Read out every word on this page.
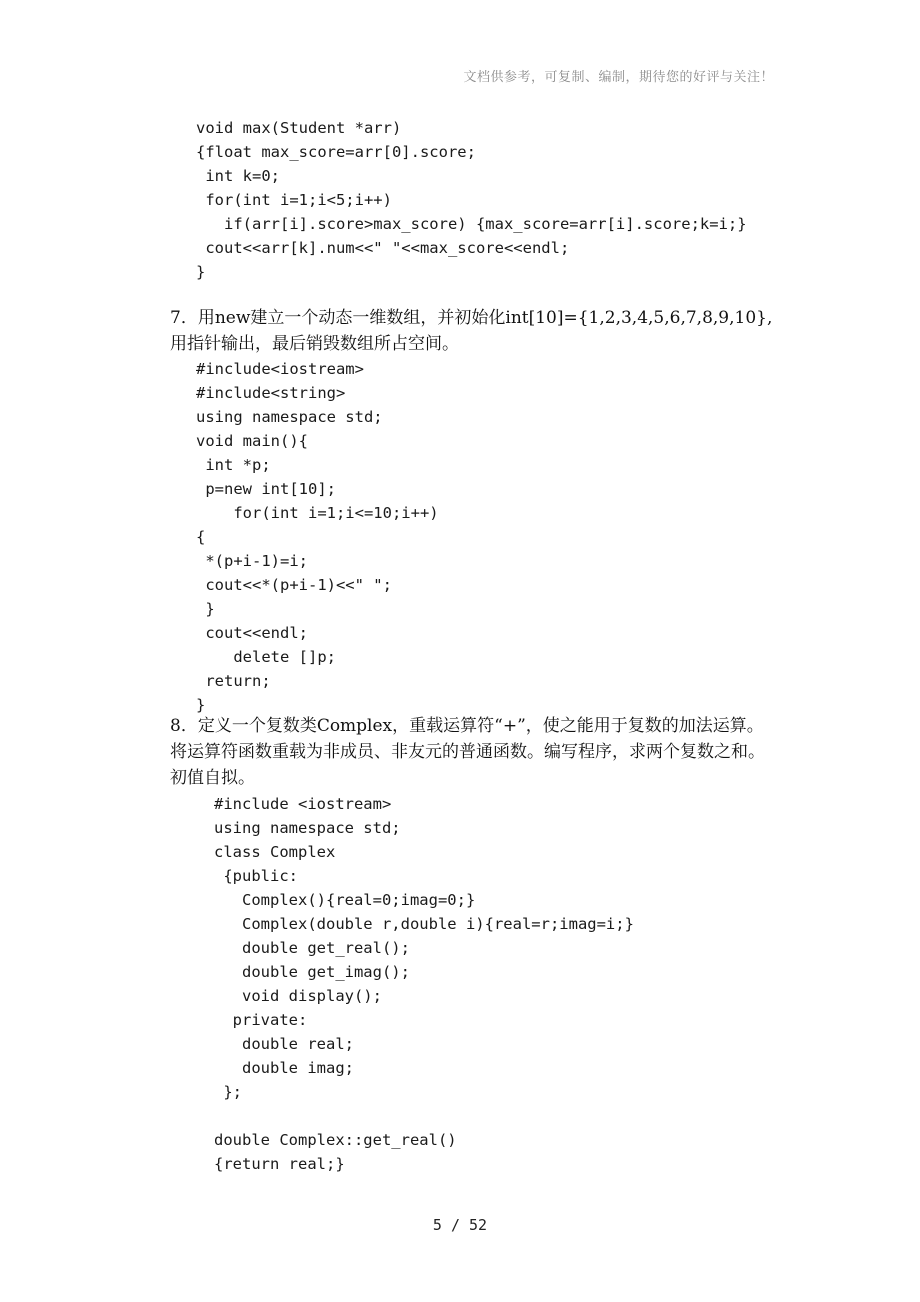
文档供参考，可复制、编制，期待您的好评与关注！
void max(Student *arr)
{float max_score=arr[0].score;
int k=0;
for(int i=1;i<5;i++)
if(arr[i].score>max_score) {max_score=arr[i].score;k=i;}
cout<<arr[k].num<<" "<<max_score<<endl;
}
7．用new建立一个动态一维数组，并初始化int[10]={1,2,3,4,5,6,7,8,9,10},用指针输出，最后销毁数组所占空间。
#include<iostream>
#include<string>
using namespace std;
void main(){
int *p;
p=new int[10];
for(int i=1;i<=10;i++)
{
*(p+i-1)=i;
cout<<*(p+i-1)<<" ";
}
cout<<endl;
delete []p;
return;
}
8．定义一个复数类Complex，重载运算符“+”，使之能用于复数的加法运算。将运算符函数重载为非成员、非友元的普通函数。编写程序，求两个复数之和。初值自拟。
#include <iostream>
using namespace std;
class Complex
{public:
Complex(){real=0;imag=0;}
Complex(double r,double i){real=r;imag=i;}
double get_real();
double get_imag();
void display();
private:
double real;
double imag;
};
double Complex::get_real()
{return real;}
5 / 52
